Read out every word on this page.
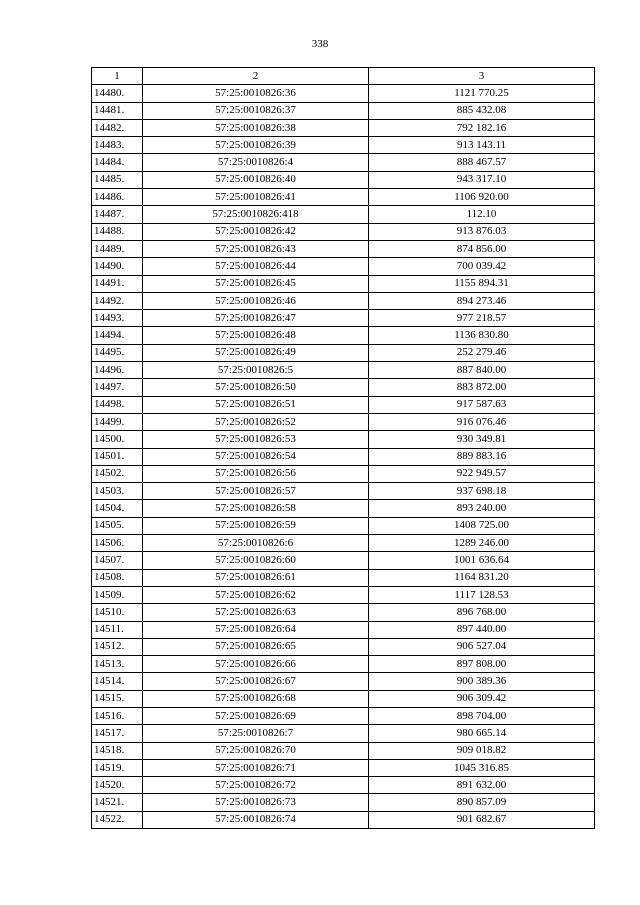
338
1	2	3
14480.	57:25:0010826:36	1121 770.25
14481.	57:25:0010826:37	885 432.08
14482.	57:25:0010826:38	792 182.16
14483.	57:25:0010826:39	913 143.11
14484.	57:25:0010826:4	888 467.57
14485.	57:25:0010826:40	943 317.10
14486.	57:25:0010826:41	1106 920.00
14487.	57:25:0010826:418	112.10
14488.	57:25:0010826:42	913 876.03
14489.	57:25:0010826:43	874 856.00
14490.	57:25:0010826:44	700 039.42
14491.	57:25:0010826:45	1155 894.31
14492.	57:25:0010826:46	894 273.46
14493.	57:25:0010826:47	977 218.57
14494.	57:25:0010826:48	1136 830.80
14495.	57:25:0010826:49	252 279.46
14496.	57:25:0010826:5	887 840.00
14497.	57:25:0010826:50	883 872.00
14498.	57:25:0010826:51	917 587.63
14499.	57:25:0010826:52	916 076.46
14500.	57:25:0010826:53	930 349.81
14501.	57:25:0010826:54	889 883.16
14502.	57:25:0010826:56	922 949.57
14503.	57:25:0010826:57	937 698.18
14504.	57:25:0010826:58	893 240.00
14505.	57:25:0010826:59	1408 725.00
14506.	57:25:0010826:6	1289 246.00
14507.	57:25:0010826:60	1001 636.64
14508.	57:25:0010826:61	1164 831.20
14509.	57:25:0010826:62	1117 128.53
14510.	57:25:0010826:63	896 768.00
14511.	57:25:0010826:64	897 440.00
14512.	57:25:0010826:65	906 527.04
14513.	57:25:0010826:66	897 808.00
14514.	57:25:0010826:67	900 389.36
14515.	57:25:0010826:68	906 309.42
14516.	57:25:0010826:69	898 704.00
14517.	57:25:0010826:7	980 665.14
14518.	57:25:0010826:70	909 018.82
14519.	57:25:0010826:71	1045 316.85
14520.	57:25:0010826:72	891 632.00
14521.	57:25:0010826:73	890 857.09
14522.	57:25:0010826:74	901 682.67
